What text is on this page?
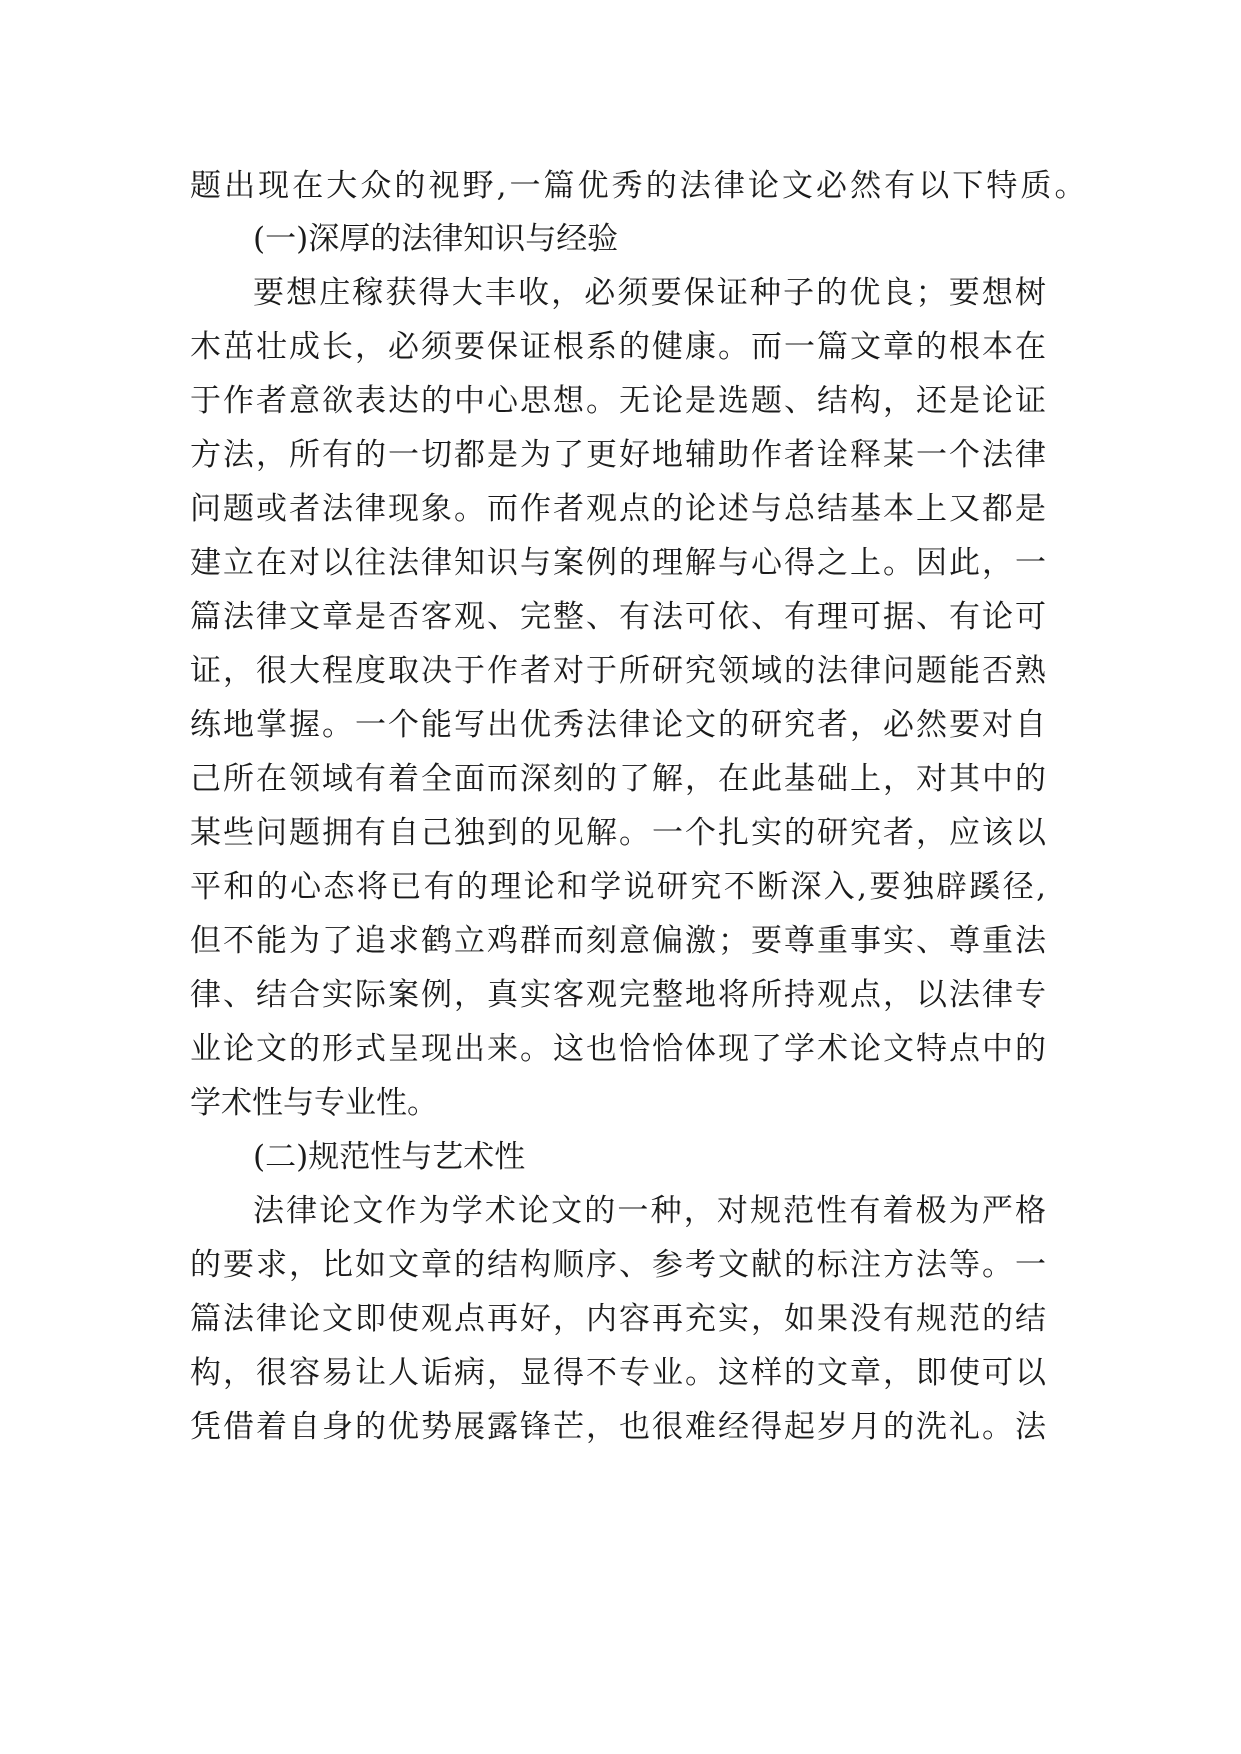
题出现在大众的视野,一篇优秀的法律论文必然有以下特质。
(一)深厚的法律知识与经验
要想庄稼获得大丰收，必须要保证种子的优良；要想树
木茁壮成长，必须要保证根系的健康。而一篇文章的根本在
于作者意欲表达的中心思想。无论是选题、结构，还是论证
方法，所有的一切都是为了更好地辅助作者诠释某一个法律
问题或者法律现象。而作者观点的论述与总结基本上又都是
建立在对以往法律知识与案例的理解与心得之上。因此，一
篇法律文章是否客观、完整、有法可依、有理可据、有论可
证，很大程度取决于作者对于所研究领域的法律问题能否熟
练地掌握。一个能写出优秀法律论文的研究者，必然要对自
己所在领域有着全面而深刻的了解，在此基础上，对其中的
某些问题拥有自己独到的见解。一个扎实的研究者，应该以
平和的心态将已有的理论和学说研究不断深入,要独辟蹊径,
但不能为了追求鹤立鸡群而刻意偏激；要尊重事实、尊重法
律、结合实际案例，真实客观完整地将所持观点，以法律专
业论文的形式呈现出来。这也恰恰体现了学术论文特点中的
学术性与专业性。
(二)规范性与艺术性
法律论文作为学术论文的一种，对规范性有着极为严格
的要求，比如文章的结构顺序、参考文献的标注方法等。一
篇法律论文即使观点再好，内容再充实，如果没有规范的结
构，很容易让人诟病，显得不专业。这样的文章，即使可以
凭借着自身的优势展露锋芒，也很难经得起岁月的洗礼。法
